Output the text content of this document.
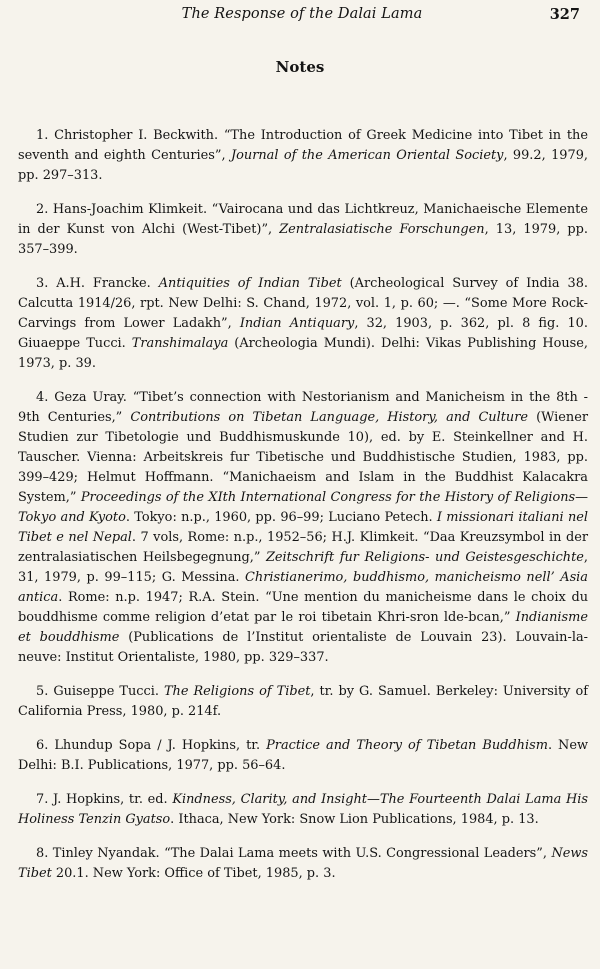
The Response of the Dalai Lama	327
Notes

1. Christopher I. Beckwith. “The Introduction of Greek Medicine into Tibet in the seventh and eighth Centuries”, Journal of the American Oriental Society, 99.2, 1979, pp. 297–313.

2. Hans-Joachim Klimkeit. “Vairocana und das Lichtkreuz, Manichaeische Elemente in der Kunst von Alchi (West-Tibet)”, Zentralasiatische Forschungen, 13, 1979, pp. 357–399.

3. A.H. Francke. Antiquities of Indian Tibet (Archeological Survey of India 38. Calcutta 1914/26, rpt. New Delhi: S. Chand, 1972, vol. 1, p. 60; —. “Some More Rock-Carvings from Lower Ladakh”, Indian Antiquary, 32, 1903, p. 362, pl. 8 fig. 10. Giuaeppe Tucci. Transhimalaya (Archeologia Mundi). Delhi: Vikas Publishing House, 1973, p. 39.

4. Geza Uray. “Tibet’s connection with Nestorianism and Manicheism in the 8th - 9th Centuries,” Contributions on Tibetan Language, History, and Culture (Wiener Studien zur Tibetologie und Buddhismuskunde 10), ed. by E. Steinkellner and H. Tauscher. Vienna: Arbeitskreis fur Tibetische und Buddhistische Studien, 1983, pp. 399–429; Helmut Hoffmann. “Manichaeism and Islam in the Buddhist Kalacakra System,” Proceedings of the XIth International Congress for the History of Religions—Tokyo and Kyoto. Tokyo: n.p., 1960, pp. 96–99; Luciano Petech. I missionari italiani nel Tibet e nel Nepal. 7 vols, Rome: n.p., 1952–56; H.J. Klimkeit. “Daa Kreuzsymbol in der zentralasiatischen Heilsbegegnung,” Zeitschrift fur Religions- und Geistesgeschichte, 31, 1979, p. 99–115; G. Messina. Christianerimo, buddhismo, manicheismo nell’ Asia antica. Rome: n.p. 1947; R.A. Stein. “Une mention du manicheisme dans le choix du bouddhisme comme religion d’etat par le roi tibetain Khri-sron lde-bcan,” Indianisme et bouddhisme (Publications de l’Institut orientaliste de Louvain 23). Louvain-la-neuve: Institut Orientaliste, 1980, pp. 329–337.

5. Guiseppe Tucci. The Religions of Tibet, tr. by G. Samuel. Berkeley: University of California Press, 1980, p. 214f.

6. Lhundup Sopa / J. Hopkins, tr. Practice and Theory of Tibetan Buddhism. New Delhi: B.I. Publications, 1977, pp. 56–64.

7. J. Hopkins, tr. ed. Kindness, Clarity, and Insight—The Fourteenth Dalai Lama His Holiness Tenzin Gyatso. Ithaca, New York: Snow Lion Publications, 1984, p. 13.

8. Tinley Nyandak. “The Dalai Lama meets with U.S. Congressional Leaders”, News Tibet 20.1. New York: Office of Tibet, 1985, p. 3.
